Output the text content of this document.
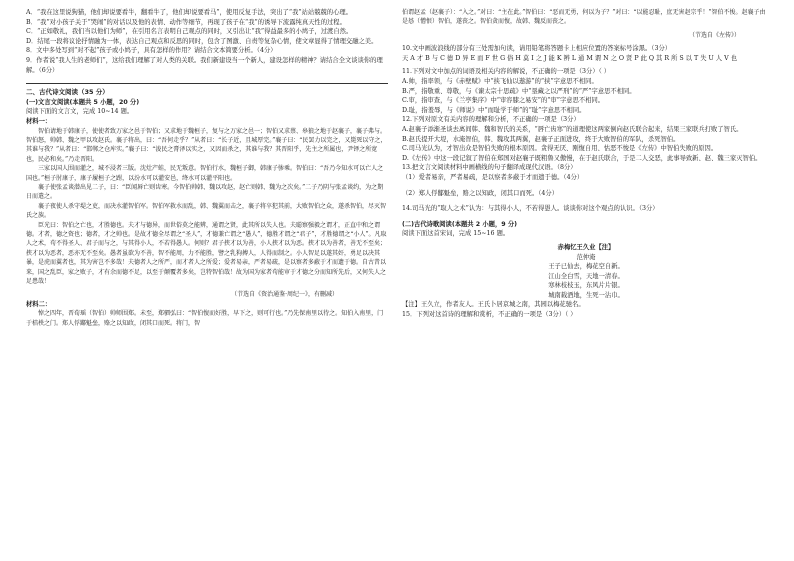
A．“我在这里说狗猫，他们却说要看牛，翻看牛了，他们却说要看马”，使用反复手法，突出了“我”站站兢兢的心理。

B．“我”对小孩子关于“哭闹”的对话以及他的表情、动作等细节，再现了孩子在“我”的诱导下流露纯真天性的过程。

C．“正如敬礼，我们当以他们为师”，在引用名言表明自己观点的同时，又引出让“我”得益最多的小鸠子，过渡自然。

D．结尾一段将议论抒情融为一体，表达自己观点和反思的同时，包含了图激、自责等复杂心情，使文章显得了情理交融之美。

8．文中多处写到“对不起”孩子或小鸠子，具有怎样的作用？请结合文本简要分析。（4分）

9．作者说“我人生的老师们”，这给我们理解了对人类的关联。我们新建设当一个新人，建设怎样的精神？请结合全文谈谈你的理解。（6分）

二、古代诗文阅读（35 分）

(一)文言文阅读(本题共 5 小题，20 分)

阅读下面的文言文，完成 10~14 题。

材料一：

智伯请地于韩康子，使使者致万家之邑于智伯；又求地于魏桓子，复与之万家之邑一；智伯又求蔡、皋狼之地于赵襄子，襄子弗与。智伯怒，帅韩、魏之甲以攻赵氏。襄子将出，曰：“吾何走乎？”从者曰：“长子近，且城厚完。”襄子曰：“民罢力以完之，又毙死以守之，其谁与我？”从者曰：“邯郸之仓库实。”襄子曰：“浚民之膏泽以实之，又因而杀之，其谁与我？其晋阳乎，先主之所属也，尹铎之所宽也，民必和矣。”乃走晋阳。

三家以国人围而灌之，城不浸者三版。沈灶产蛙，民无叛意。智伯行水，魏桓子御，韩康子骖乘。智伯曰：“吾乃今知水可以亡人之国也。”桓子肘康子，康子履桓子之跗，以汾水可以灌安邑，绛水可以灌平阳也。

襄子使张孟谈潜出见二子，曰：“臣闻唇亡则齿寒。今智伯帅韩、魏以攻赵，赵亡则韩、魏为之次矣。”二子乃阴与张孟谈约，为之期日而遣之。

襄子夜使人杀守堤之吏，而决水灌智伯军。智伯军救水而乱，韩、魏翼而击之，襄子将卒犯其前，大败智伯之众，遂杀智伯，尽灭智氏之族。

臣光曰：智伯之亡也，才胜德也。夫才与德异，而世俗莫之能辨，通谓之贤，此其所以失人也。夫聪察强毅之谓才，正直中和之谓德。才者，德之资也；德者，才之帅也。是故才德全尽谓之“圣人”，才德兼亡谓之“愚人”，德胜才谓之“君子”，才胜德谓之“小人”。凡取人之术，苟不得圣人、君子而与之，与其得小人，不若得愚人。何则？君子挟才以为善，小人挟才以为恶。挟才以为善者，善无不至矣；挟才以为恶者，恶亦无不至矣。愚者虽欲为不善，智不能周，力不能胜，譬之乳狗搏人，人得而制之。小人智足以遂其奸，勇足以决其暴，是虎而翼者也，其为害岂不多哉！夫德者人之所严，而才者人之所爱；爱者易亲，严者易疏，是以察者多蔽于才而遗于德。自古昔以来，国之乱臣，家之败子，才有余而德不足，以至于颠覆者多矣，岂特智伯哉！故为国为家者苟能审于才德之分而知所先后，又何失人之足患哉！

（节选自《资治通鉴·周纪一》，有删减）

材料二：

悼之四年，晋荀瑶（智伯）帅师围郑。未至，郑驷弘曰：“智伯愎而好胜，早下之，则可行也。”乃先保南里以待之。知伯入南里，门于桔柣之门。郑人俘酅魁垒，赂之以知政，闭其口而死。将门，智

伯谓赵孟（赵襄子）：“入之。”对曰：“主在此。”智伯曰：“恶而无勇，何以为子？”对曰：“以能忍耻，庶无害赵宗乎！”智伯不悛。赵襄子由是惎（憎恨）智伯，遂丧之。智伯贪而愎，故韩、魏反而丧之。

（节选自《左传》）

10.文中画波浪线的部分有三处需加句读，请用铅笔将答题卡上相应位置的答案标号涂黑。（3分）

天 A 才 B 与 C 德 D 异 E 而 F 世 G 俗 H 莫 I 之 J 能 K 辨 L 通 M 谓 N 之 O 贤 P 此 Q 其 R 所 S 以 T 失 U 人 V 也

11.下列对文中加点的词语及相关内容的解说，不正确的一项是（3分）（ ）

A.帅，指率领，与《赤壁赋》中“挟飞仙以遨游”的“挟”字意思不相同。

B.严，指敬重、尊敬，与《谏太宗十思疏》中“垦藏之以严刑”的“严”字意思不相同。

C.审，指审查，与《兰亭集序》中“审容膝之易安”的“审”字意思不相同。

D.耻，指羞辱，与《师说》中“而耻学于师”的“耻”字意思不相同。

12.下列对原文有关内容的理解和分析，不正确的一项是（3分）

A.赵襄子添渐圣谈去离间韩、魏和智氏的关系，“唇亡齿寒”的道理使这两家倒向赵氏联合起来，结果三家联兵打败了智氏。

B.赵氏提开大堤，水淹智伯，韩、魏攻其两翼，赵襄子正面进攻，终于大败智伯的军队，杀死智伯。

C.司马光认为，才智出众是智伯失败的根本原因。贪得无厌、刚愎自用、怙恶不悛是《左传》中智伯失败的原因。

D.《左传》中这一段记叙了智伯在郑国对赵襄子既粗鲁又傲慢，在于赵氏联合，于是二人交恶，此事导致新、赵、魏三家灭智伯。

13.把文言文阅读材料中画横线的句子翻译成现代汉语。（8分）

（1）爱者易亲，严者易疏，是以察者多蔽于才而遗于德。（4分）

（2）郑人俘酅魁垒，赂之以知政，闭其口而死。（4分）

14.司马光的“取人之术”认为：与其得小人，不若得愚人。谈谈你对这个观点的认识。（3分）

(二)古代诗歌阅读(本题共 2 小题，9 分)

阅读下面这首宋词，完成 15~16 题。

赤梅忆王久业【注】

范仲淹

王子已仙去，梅花空自新。

江山全白雪，天地一清春。

寒林枝枝玉，东风片片银。

城南载酒地，生死一沾巾。

【注】王久立，作者友人。王氏卜居京城之南，其园以梅花驰名。

15．下列对这首诗的理解和赏析，不正确的一项是（3分）（ ）
